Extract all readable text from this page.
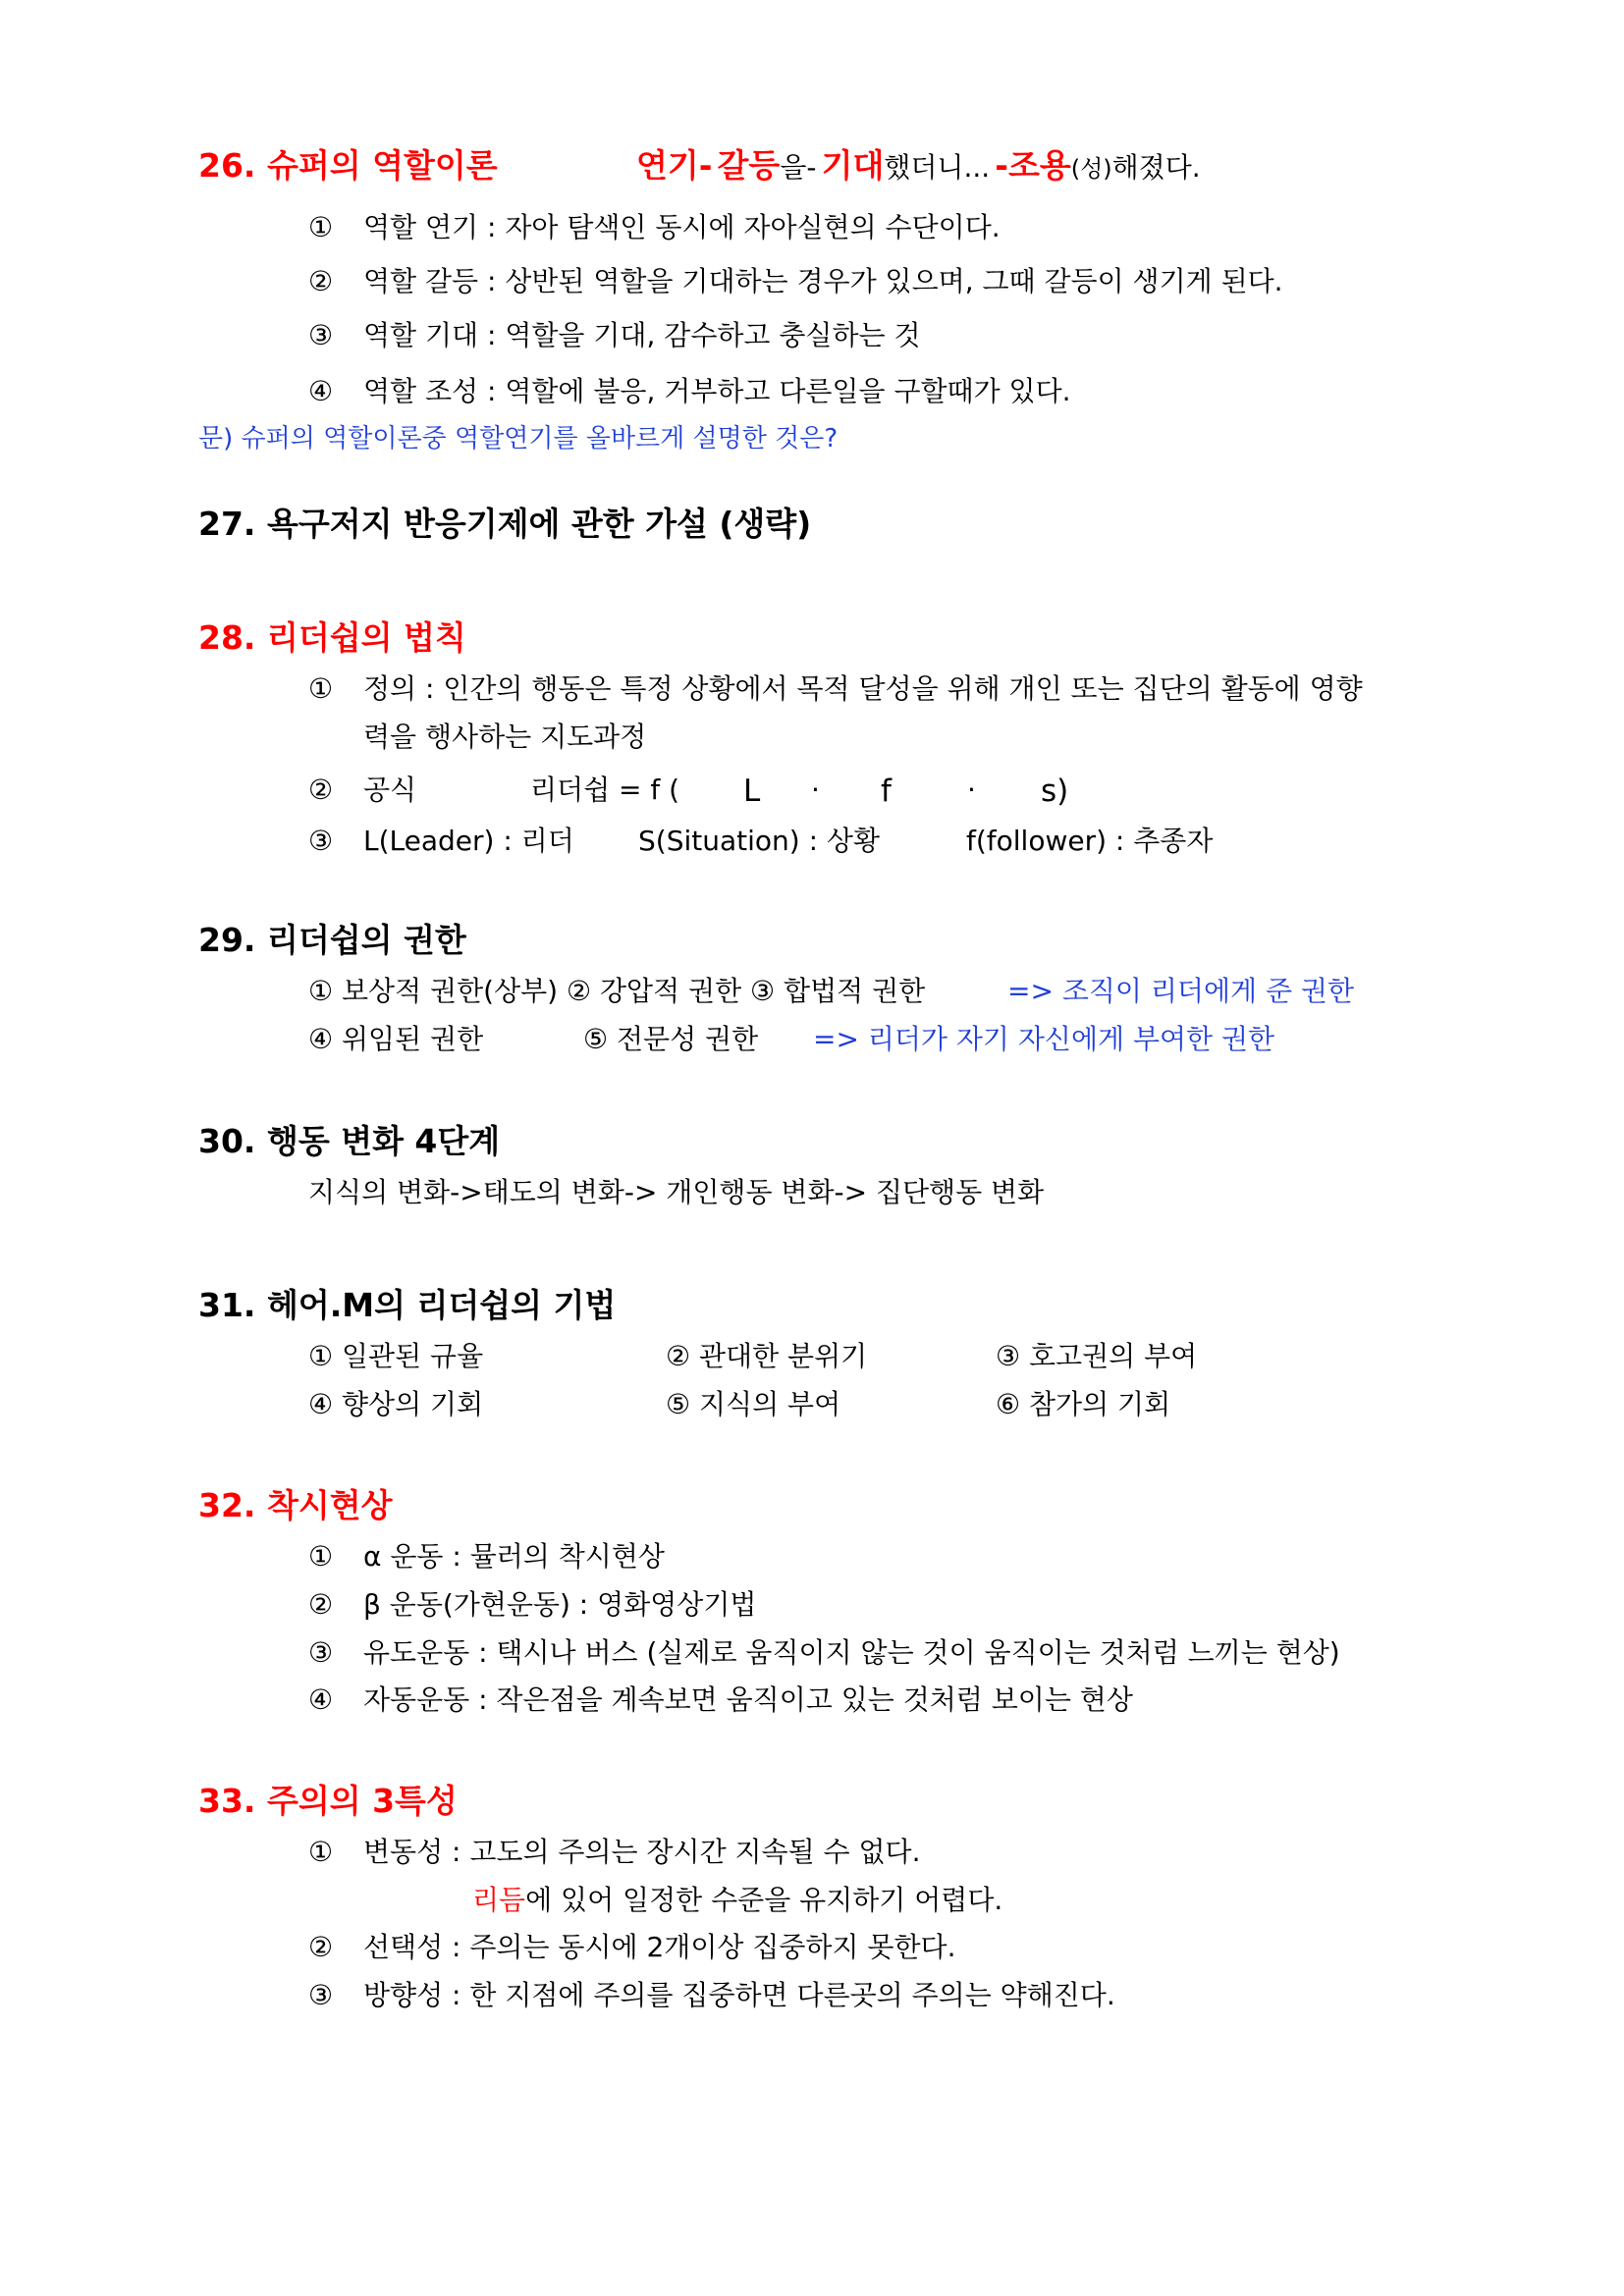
26. 슈퍼의 역할이론	연기- 갈등을- 기대했더니... -조용(성)해졌다.
① 역할 연기 : 자아 탐색인 동시에 자아실현의 수단이다.
② 역할 갈등 : 상반된 역할을 기대하는 경우가 있으며, 그때 갈등이 생기게 된다.
③ 역할 기대 : 역할을 기대, 감수하고 충실하는 것
④ 역할 조성 : 역할에 불응, 거부하고 다른일을 구할때가 있다.
문) 슈퍼의 역할이론중 역할연기를 올바르게 설명한 것은?
27. 욕구저지 반응기제에 관한 가설 (생략)
28. 리더쉽의 법칙
① 정의 : 인간의 행동은 특정 상황에서 목적 달성을 위해 개인 또는 집단의 활동에 영향
력을 행사하는 지도과정
② 공식	리더쉽 = f ( L · f	· s)
③ L(Leader) : 리더 S(Situation) : 상황	f(follower) : 추종자
29. 리더쉽의 권한
① 보상적 권한(상부) ② 강압적 권한 ③ 합법적 권한	=> 조직이 리더에게 준 권한
④ 위임된 권한	⑤ 전문성 권한 => 리더가 자기 자신에게 부여한 권한
30. 행동 변화 4단계
지식의 변화->태도의 변화-> 개인행동 변화-> 집단행동 변화
31. 헤어.M의 리더쉽의 기법
① 일관된 규율	② 관대한 분위기	③ 호고권의 부여
④ 향상의 기회	⑤ 지식의 부여	⑥ 참가의 기회
32. 착시현상
① α 운동 : 뮬러의 착시현상
② β 운동(가현운동) : 영화영상기법
③ 유도운동 : 택시나 버스 (실제로 움직이지 않는 것이 움직이는 것처럼 느끼는 현상)
④ 자동운동 : 작은점을 계속보면 움직이고 있는 것처럼 보이는 현상
33. 주의의 3특성
① 변동성 : 고도의 주의는 장시간 지속될 수 없다.
리듬에 있어 일정한 수준을 유지하기 어렵다.
② 선택성 : 주의는 동시에 2개이상 집중하지 못한다.
③ 방향성 : 한 지점에 주의를 집중하면 다른곳의 주의는 약해진다.
